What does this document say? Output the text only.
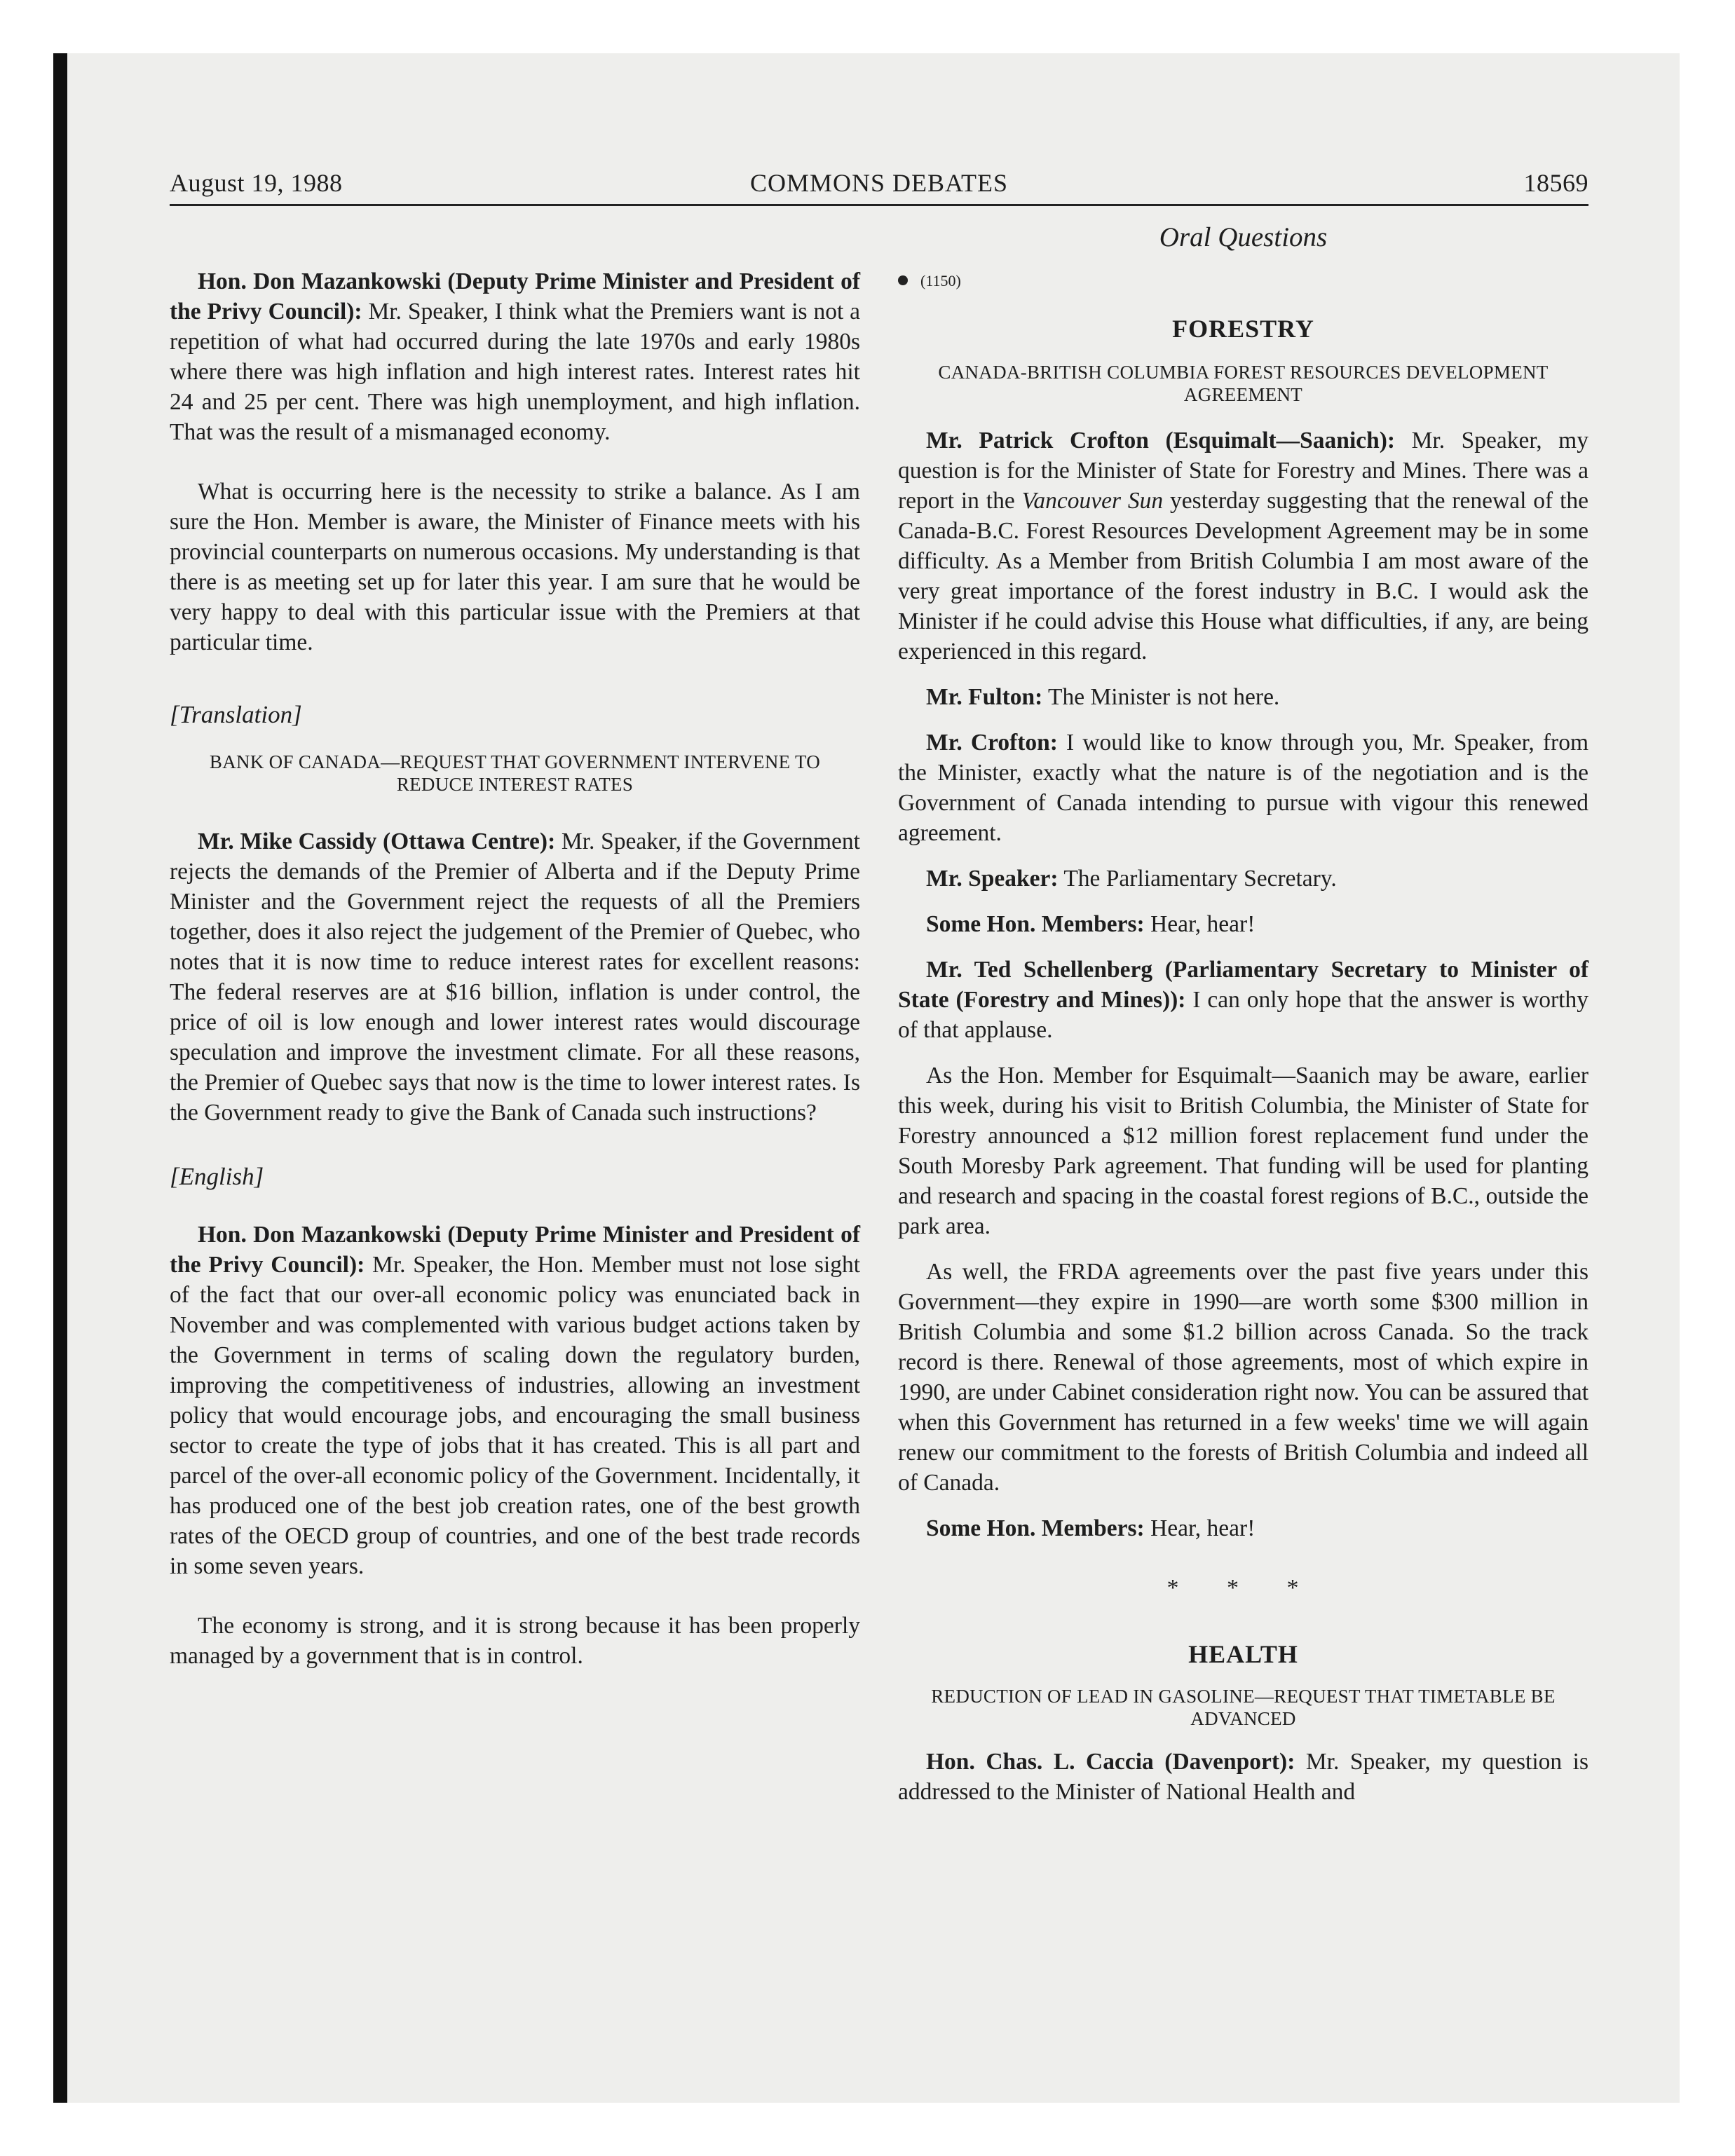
August 19, 1988	COMMONS DEBATES	18569
Oral Questions

Hon. Don Mazankowski (Deputy Prime Minister and President of the Privy Council): Mr. Speaker, I think what the Premiers want is not a repetition of what had occurred during the late 1970s and early 1980s where there was high inflation and high interest rates. Interest rates hit 24 and 25 per cent. There was high unemployment, and high inflation. That was the result of a mismanaged economy.

What is occurring here is the necessity to strike a balance. As I am sure the Hon. Member is aware, the Minister of Finance meets with his provincial counterparts on numerous occasions. My understanding is that there is as meeting set up for later this year. I am sure that he would be very happy to deal with this particular issue with the Premiers at that particular time.

[Translation]

BANK OF CANADA—REQUEST THAT GOVERNMENT INTERVENE TO REDUCE INTEREST RATES

Mr. Mike Cassidy (Ottawa Centre): Mr. Speaker, if the Government rejects the demands of the Premier of Alberta and if the Deputy Prime Minister and the Government reject the requests of all the Premiers together, does it also reject the judgement of the Premier of Quebec, who notes that it is now time to reduce interest rates for excellent reasons: The federal reserves are at $16 billion, inflation is under control, the price of oil is low enough and lower interest rates would discourage speculation and improve the investment climate. For all these reasons, the Premier of Quebec says that now is the time to lower interest rates. Is the Government ready to give the Bank of Canada such instructions?

[English]

Hon. Don Mazankowski (Deputy Prime Minister and President of the Privy Council): Mr. Speaker, the Hon. Member must not lose sight of the fact that our over-all economic policy was enunciated back in November and was complemented with various budget actions taken by the Government in terms of scaling down the regulatory burden, improving the competitiveness of industries, allowing an investment policy that would encourage jobs, and encouraging the small business sector to create the type of jobs that it has created. This is all part and parcel of the over-all economic policy of the Government. Incidentally, it has produced one of the best job creation rates, one of the best growth rates of the OECD group of countries, and one of the best trade records in some seven years.

The economy is strong, and it is strong because it has been properly managed by a government that is in control.

(1150)
FORESTRY
CANADA-BRITISH COLUMBIA FOREST RESOURCES DEVELOPMENT AGREEMENT

Mr. Patrick Crofton (Esquimalt—Saanich): Mr. Speaker, my question is for the Minister of State for Forestry and Mines. There was a report in the Vancouver Sun yesterday suggesting that the renewal of the Canada-B.C. Forest Resources Development Agreement may be in some difficulty. As a Member from British Columbia I am most aware of the very great importance of the forest industry in B.C. I would ask the Minister if he could advise this House what difficulties, if any, are being experienced in this regard.

Mr. Fulton: The Minister is not here.

Mr. Crofton: I would like to know through you, Mr. Speaker, from the Minister, exactly what the nature is of the negotiation and is the Government of Canada intending to pursue with vigour this renewed agreement.

Mr. Speaker: The Parliamentary Secretary.

Some Hon. Members: Hear, hear!

Mr. Ted Schellenberg (Parliamentary Secretary to Minister of State (Forestry and Mines)): I can only hope that the answer is worthy of that applause.

As the Hon. Member for Esquimalt—Saanich may be aware, earlier this week, during his visit to British Columbia, the Minister of State for Forestry announced a $12 million forest replacement fund under the South Moresby Park agreement. That funding will be used for planting and research and spacing in the coastal forest regions of B.C., outside the park area.

As well, the FRDA agreements over the past five years under this Government—they expire in 1990—are worth some $300 million in British Columbia and some $1.2 billion across Canada. So the track record is there. Renewal of those agreements, most of which expire in 1990, are under Cabinet consideration right now. You can be assured that when this Government has returned in a few weeks' time we will again renew our commitment to the forests of British Columbia and indeed all of Canada.

Some Hon. Members: Hear, hear!

* * *
HEALTH
REDUCTION OF LEAD IN GASOLINE—REQUEST THAT TIMETABLE BE ADVANCED

Hon. Chas. L. Caccia (Davenport): Mr. Speaker, my question is addressed to the Minister of National Health and
